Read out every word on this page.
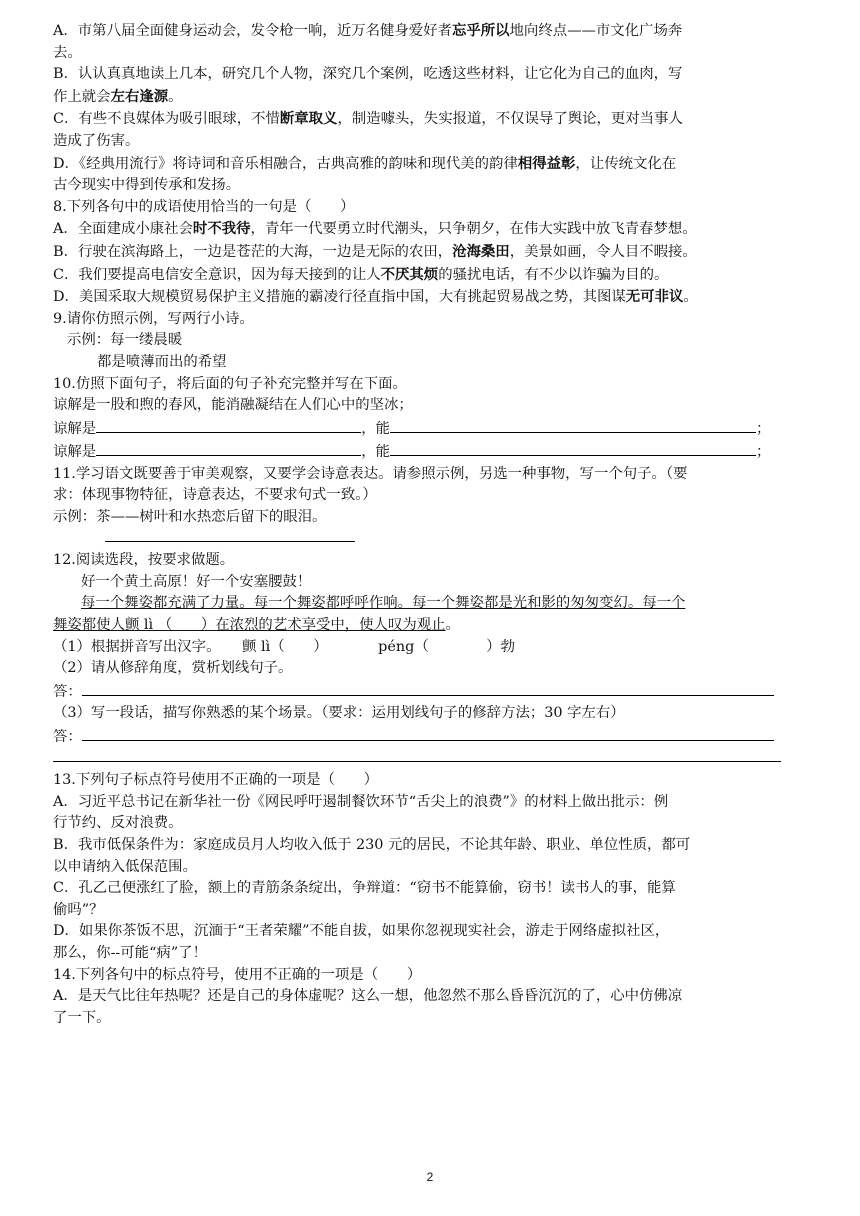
A．市第八届全面健身运动会，发令枪一响，近万名健身爱好者忘乎所以地向终点——市文化广场奔
去。
B．认认真真地读上几本，研究几个人物，深究几个案例，吃透这些材料，让它化为自己的血肉，写
作上就会左右逢源。
C．有些不良媒体为吸引眼球，不惜断章取义，制造噱头，失实报道，不仅误导了舆论，更对当事人
造成了伤害。
D．《经典用流行》将诗词和音乐相融合，古典高雅的韵味和现代美的韵律相得益彰，让传统文化在
古今现实中得到传承和发扬。
8.下列各句中的成语使用恰当的一句是（　　）
A．全面建成小康社会时不我待，青年一代要勇立时代潮头，只争朝夕，在伟大实践中放飞青春梦想。
B．行驶在滨海路上，一边是苍茫的大海，一边是无际的农田，沧海桑田，美景如画，令人目不暇接。
C．我们要提高电信安全意识，因为每天接到的让人不厌其烦的骚扰电话，有不少以诈骗为目的。
D．美国采取大规模贸易保护主义措施的霸凌行径直指中国，大有挑起贸易战之势，其图谋无可非议。
9.请你仿照示例，写两行小诗。
示例：每一缕晨暖
都是喷薄而出的希望
10.仿照下面句子，将后面的句子补充完整并写在下面。
谅解是一股和煦的春风，能消融凝结在人们心中的坚冰；
谅解是	，能	；
谅解是	，能	；
11.学习语文既要善于审美观察，又要学会诗意表达。请参照示例，另选一种事物，写一个句子。（要
求：体现事物特征，诗意表达，不要求句式一致。）
示例：茶——树叶和水热恋后留下的眼泪。
12.阅读选段，按要求做题。
好一个黄土高原！好一个安塞腰鼓！
每一个舞姿都充满了力量。每一个舞姿都呼呼作响。每一个舞姿都是光和影的匆匆变幻。每一个
舞姿都使人颤 lì （　　）在浓烈的艺术享受中，使人叹为观止。
（1）根据拼音写出汉字。　　颤 lì（　　）　　　　péng（　　　　）勃
（2）请从修辞角度，赏析划线句子。
答：
（3）写一段话，描写你熟悉的某个场景。（要求：运用划线句子的修辞方法；30 字左右）
答：
13.下列句子标点符号使用不正确的一项是（　　）
A．习近平总书记在新华社一份《网民呼吁遏制餐饮环节“舌尖上的浪费”》的材料上做出批示：例
行节约、反对浪费。
B．我市低保条件为：家庭成员月人均收入低于 230 元的居民，不论其年龄、职业、单位性质，都可
以申请纳入低保范围。
C．孔乙己便涨红了脸，额上的青筋条条绽出，争辩道：“窃书不能算偷，窃书！读书人的事，能算
偷吗”？
D．如果你茶饭不思，沉湎于“王者荣耀”不能自拔，如果你忽视现实社会，游走于网络虚拟社区，
那么，你--可能“病”了！
14.下列各句中的标点符号，使用不正确的一项是（　　）
A．是天气比往年热呢？还是自己的身体虚呢？这么一想，他忽然不那么昏昏沉沉的了，心中仿佛凉
了一下。
2
